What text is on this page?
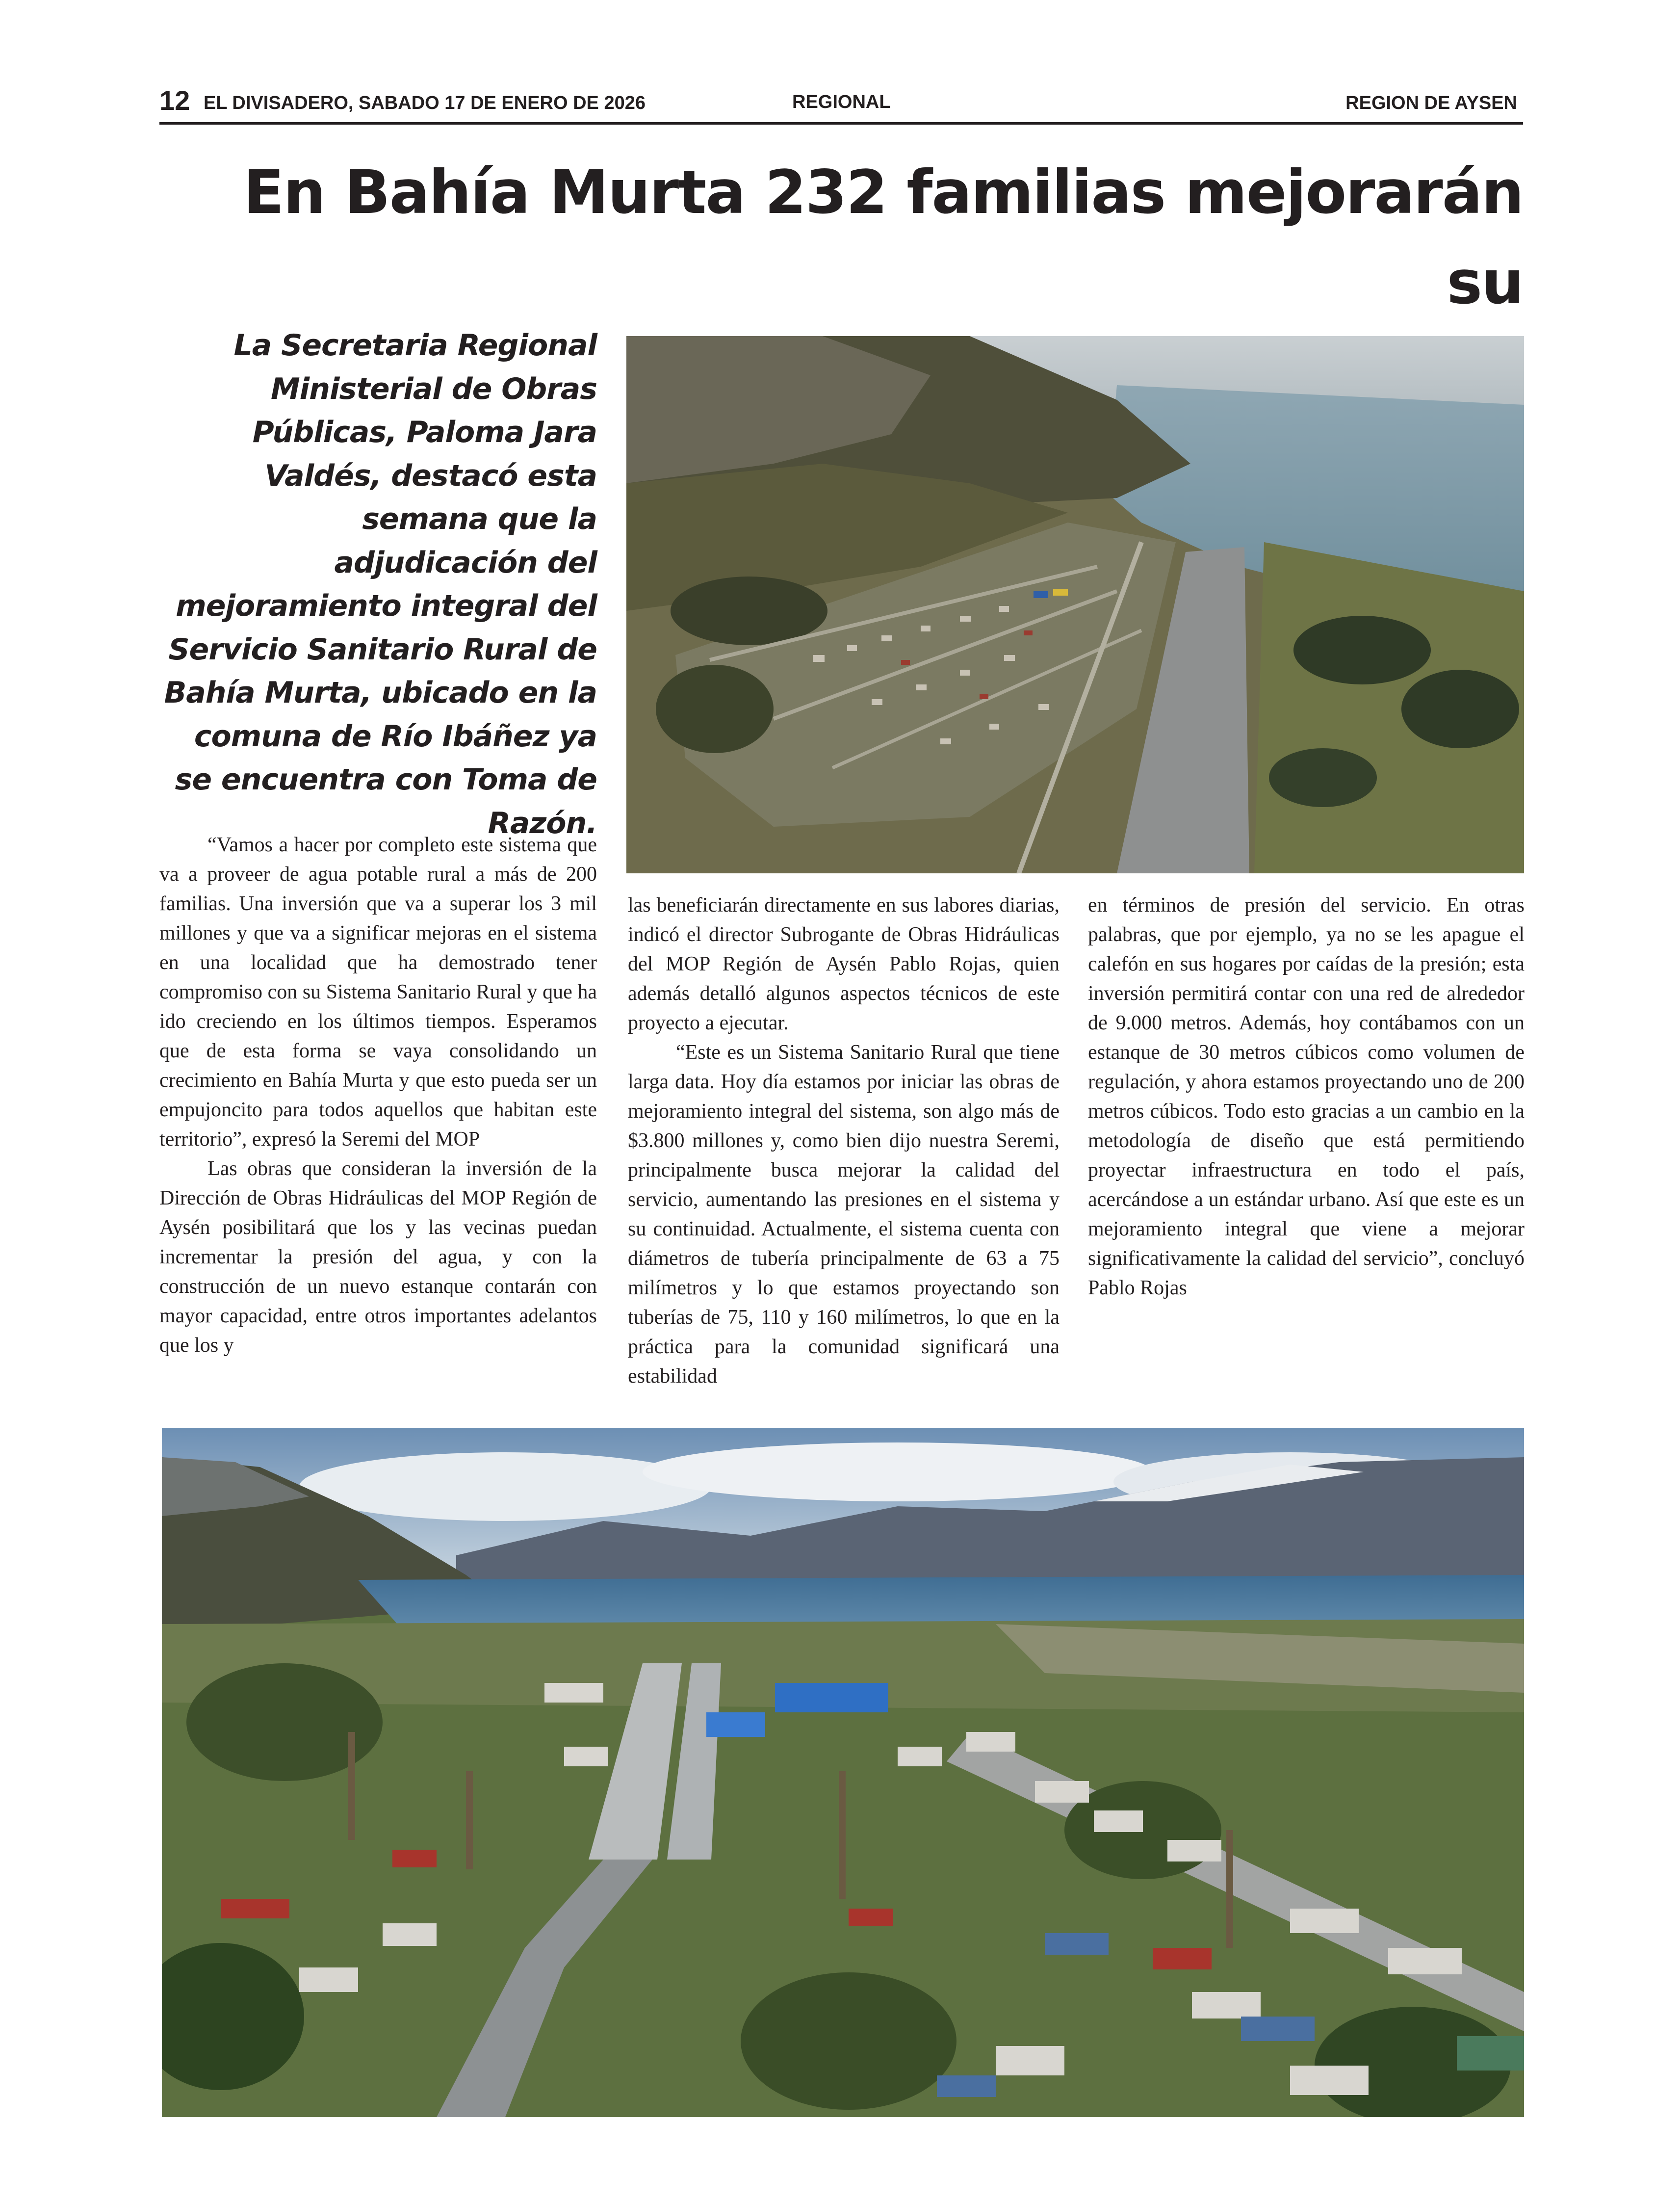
12 EL DIVISADERO, SABADO 17 DE ENERO DE 2026	REGIONAL	REGION DE AYSEN
En Bahía Murta 232 familias mejorarán su

La Secretaria Regional Ministerial de Obras Públicas, Paloma Jara Valdés, destacó esta semana que la adjudicación del mejoramiento integral del Servicio Sanitario Rural de Bahía Murta, ubicado en la comuna de Río Ibáñez ya se encuentra con Toma de Razón.

“Vamos a hacer por completo este sistema que va a proveer de agua potable rural a más de 200 familias. Una inversión que va a superar los 3 mil millones y que va a significar mejoras en el sistema en una localidad que ha demostrado tener compromiso con su Sistema Sanitario Rural y que ha ido creciendo en los últimos tiempos. Esperamos que de esta forma se vaya consolidando un crecimiento en Bahía Murta y que esto pueda ser un empujoncito para todos aquellos que habitan este territorio”, expresó la Seremi del MOP

Las obras que consideran la inversión de la Dirección de Obras Hidráulicas del MOP Región de Aysén posibilitará que los y las vecinas puedan incrementar la presión del agua, y con la construcción de un nuevo estanque contarán con mayor capacidad, entre otros importantes adelantos que los y

las beneficiarán directamente en sus labores diarias, indicó el director Subrogante de Obras Hidráulicas del MOP Región de Aysén Pablo Rojas, quien además detalló algunos aspectos técnicos de este proyecto a ejecutar.

“Este es un Sistema Sanitario Rural que tiene larga data. Hoy día estamos por iniciar las obras de mejoramiento integral del sistema, son algo más de $3.800 millones y, como bien dijo nuestra Seremi, principalmente busca mejorar la calidad del servicio, aumentando las presiones en el sistema y su continuidad. Actualmente, el sistema cuenta con diámetros de tubería principalmente de 63 a 75 milímetros y lo que estamos proyectando son tuberías de 75, 110 y 160 milímetros, lo que en la práctica para la comunidad significará una estabilidad

en términos de presión del servicio. En otras palabras, que por ejemplo, ya no se les apague el calefón en sus hogares por caídas de la presión; esta inversión permitirá contar con una red de alrededor de 9.000 metros. Además, hoy contábamos con un estanque de 30 metros cúbicos como volumen de regulación, y ahora estamos proyectando uno de 200 metros cúbicos. Todo esto gracias a un cambio en la metodología de diseño que está permitiendo proyectar infraestructura en todo el país, acercándose a un estándar urbano. Así que este es un mejoramiento integral que viene a mejorar significativamente la calidad del servicio”, concluyó Pablo Rojas
